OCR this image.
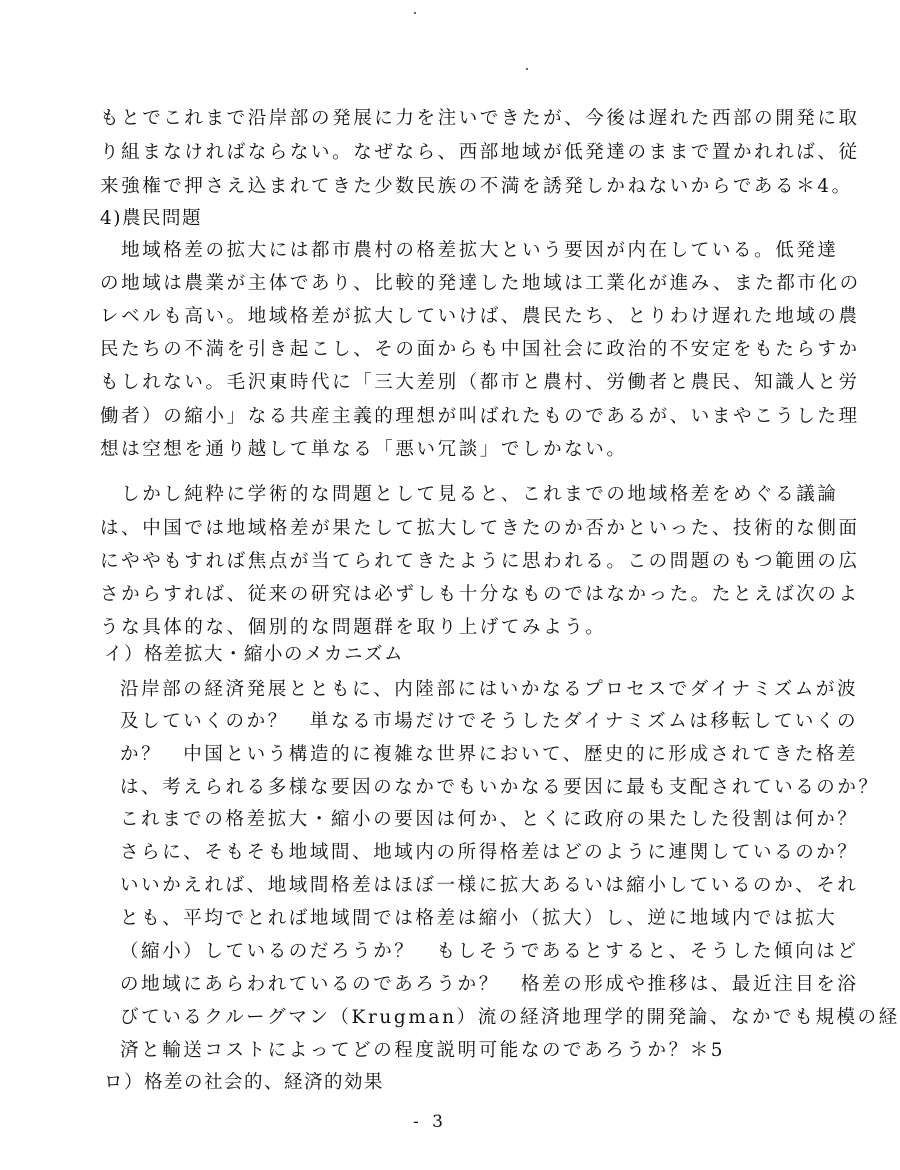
もとでこれまで沿岸部の発展に力を注いできたが、今後は遅れた西部の開発に取
り組まなければならない。なぜなら、西部地域が低発達のままで置かれれば、従
来強権で押さえ込まれてきた少数民族の不満を誘発しかねないからである＊4。
4)農民問題
　地域格差の拡大には都市農村の格差拡大という要因が内在している。低発達
の地域は農業が主体であり、比較的発達した地域は工業化が進み、また都市化の
レベルも高い。地域格差が拡大していけば、農民たち、とりわけ遅れた地域の農
民たちの不満を引き起こし、その面からも中国社会に政治的不安定をもたらすか
もしれない。毛沢東時代に「三大差別（都市と農村、労働者と農民、知識人と労
働者）の縮小」なる共産主義的理想が叫ばれたものであるが、いまやこうした理
想は空想を通り越して単なる「悪い冗談」でしかない。
　しかし純粋に学術的な問題として見ると、これまでの地域格差をめぐる議論
は、中国では地域格差が果たして拡大してきたのか否かといった、技術的な側面
にややもすれば焦点が当てられてきたように思われる。この問題のもつ範囲の広
さからすれば、従来の研究は必ずしも十分なものではなかった。たとえば次のよ
うな具体的な、個別的な問題群を取り上げてみよう。
イ）格差拡大・縮小のメカニズム
沿岸部の経済発展とともに、内陸部にはいかなるプロセスでダイナミズムが波
及していくのか？　単なる市場だけでそうしたダイナミズムは移転していくの
か？　中国という構造的に複雑な世界において、歴史的に形成されてきた格差
は、考えられる多様な要因のなかでもいかなる要因に最も支配されているのか？
これまでの格差拡大・縮小の要因は何か、とくに政府の果たした役割は何か？
さらに、そもそも地域間、地域内の所得格差はどのように連関しているのか？
いいかえれば、地域間格差はほぼ一様に拡大あるいは縮小しているのか、それ
とも、平均でとれば地域間では格差は縮小（拡大）し、逆に地域内では拡大
（縮小）しているのだろうか？　もしそうであるとすると、そうした傾向はど
の地域にあらわれているのであろうか？　格差の形成や推移は、最近注目を浴
びているクルーグマン（Krugman）流の経済地理学的開発論、なかでも規模の経
済と輸送コストによってどの程度説明可能なのであろうか？＊5
ロ）格差の社会的、経済的効果
- 3
